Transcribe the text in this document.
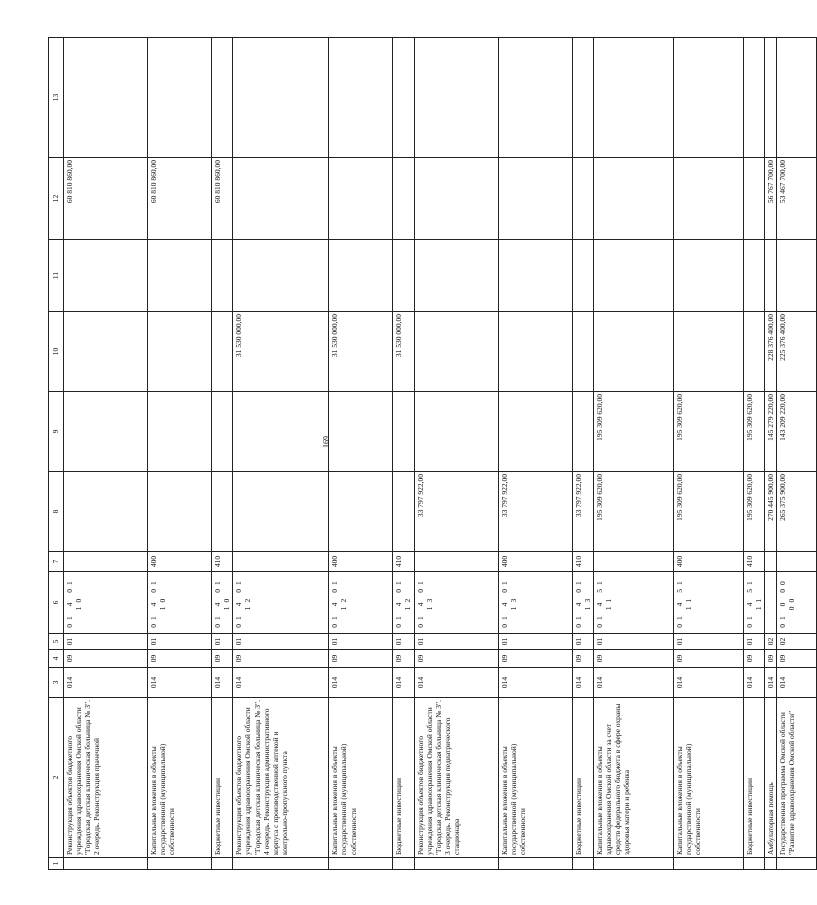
169
1	2	3	4	5	6	7	8	9	10	11	12	13
	Реконструкция объектов бюджетного учреждения здравоохранения Омской области "Городская детская клиническая больница № 3". 2 очередь. Реконструкция прачечной	014	09	01	01 4 01 10						60 810 860,00	
	Капитальные вложения в объекты государственной (муниципальной) собственности	014	09	01	01 4 01 10	400					60 810 860,00	
	Бюджетные инвестиции	014	09	01	01 4 01 10	410					60 810 860,00	
	Реконструкция объектов бюджетного учреждения здравоохранения Омской области "Городская детская клиническая больница № 3". 4 очередь. Реконструкция административного корпуса с производственной аптекой и контрольно-пропускного пункта	014	09	01	01 4 01 12				31 530 000,00			
	Капитальные вложения в объекты государственной (муниципальной) собственности	014	09	01	01 4 01 12	400			31 530 000,00			
	Бюджетные инвестиции	014	09	01	01 4 01 12	410			31 530 000,00			
	Реконструкция объектов бюджетного учреждения здравоохранения Омской области "Городская детская клиническая больница № 3". 3 очередь. Реконструкция педиатрического стационара	014	09	01	01 4 01 13		33 797 922,00					
	Капитальные вложения в объекты государственной (муниципальной) собственности	014	09	01	01 4 01 13	400	33 797 922,00					
	Бюджетные инвестиции	014	09	01	01 4 01 13	410	33 797 922,00					
	Капитальные вложения в объекты здравоохранения Омской области за счет средств федерального бюджета в сфере охраны здоровья матери и ребенка	014	09	01	01 4 51 11		195 309 620,00	195 309 620,00				
	Капитальные вложения в объекты государственной (муниципальной) собственности	014	09	01	01 4 51 11	400	195 309 620,00	195 309 620,00				
	Бюджетные инвестиции	014	09	01	01 4 51 11	410	195 309 620,00	195 309 620,00				
	Амбулаторная помощь	014	09	02			270 445 900,00	145 279 220,00	228 376 400,00		56 767 700,00	
	Государственная программа Омской области "Развитие здравоохранения Омской области"	014	09	02	01 0 00 00		265 375 900,00	143 209 220,00	225 376 400,00		53 467 700,00	
